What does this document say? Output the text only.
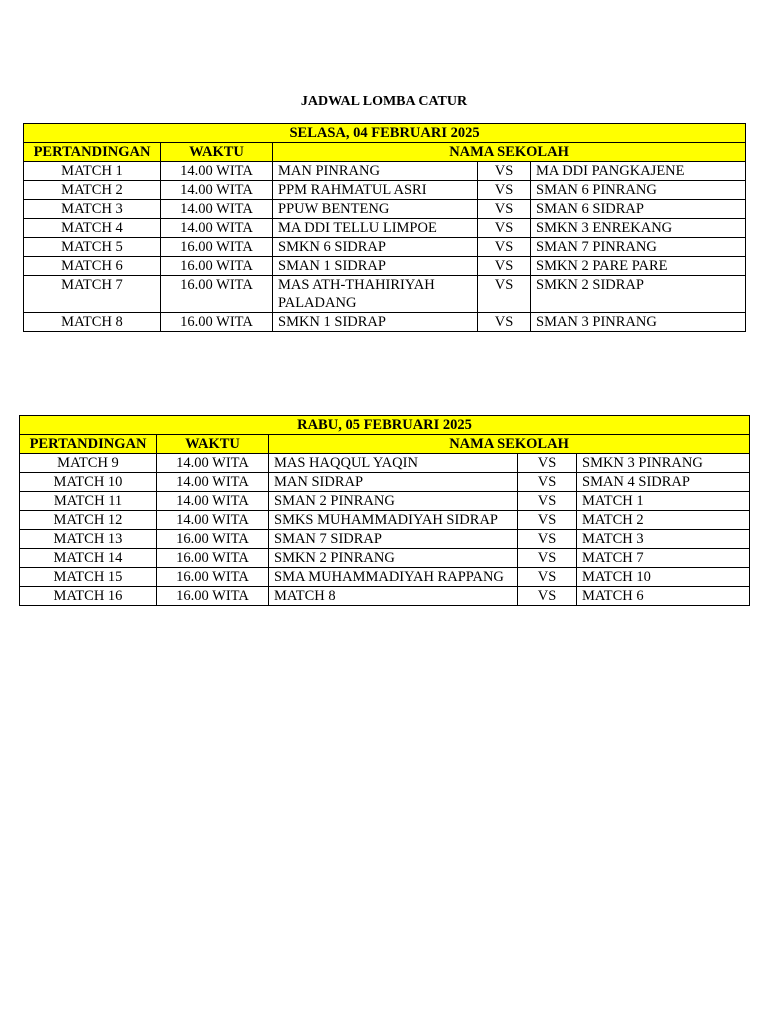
JADWAL LOMBA CATUR
SELASA, 04 FEBRUARI 2025				
PERTANDINGAN	WAKTU	NAMA SEKOLAH		
MATCH 1	14.00 WITA	MAN PINRANG	VS	MA DDI PANGKAJENE
MATCH 2	14.00 WITA	PPM RAHMATUL ASRI	VS	SMAN 6 PINRANG
MATCH 3	14.00 WITA	PPUW BENTENG	VS	SMAN 6 SIDRAP
MATCH 4	14.00 WITA	MA DDI TELLU LIMPOE	VS	SMKN 3 ENREKANG
MATCH 5	16.00 WITA	SMKN 6 SIDRAP	VS	SMAN 7 PINRANG
MATCH 6	16.00 WITA	SMAN 1 SIDRAP	VS	SMKN 2 PARE PARE
MATCH 7	16.00 WITA	MAS ATH-THAHIRIYAH PALADANG	VS	SMKN 2 SIDRAP
MATCH 8	16.00 WITA	SMKN 1 SIDRAP	VS	SMAN 3 PINRANG
RABU, 05 FEBRUARI 2025				
PERTANDINGAN	WAKTU	NAMA SEKOLAH		
MATCH 9	14.00 WITA	MAS HAQQUL YAQIN	VS	SMKN 3 PINRANG
MATCH 10	14.00 WITA	MAN SIDRAP	VS	SMAN 4 SIDRAP
MATCH 11	14.00 WITA	SMAN 2 PINRANG	VS	MATCH 1
MATCH 12	14.00 WITA	SMKS MUHAMMADIYAH SIDRAP	VS	MATCH 2
MATCH 13	16.00 WITA	SMAN 7 SIDRAP	VS	MATCH 3
MATCH 14	16.00 WITA	SMKN 2 PINRANG	VS	MATCH 7
MATCH 15	16.00 WITA	SMA MUHAMMADIYAH RAPPANG	VS	MATCH 10
MATCH 16	16.00 WITA	MATCH 8	VS	MATCH 6
